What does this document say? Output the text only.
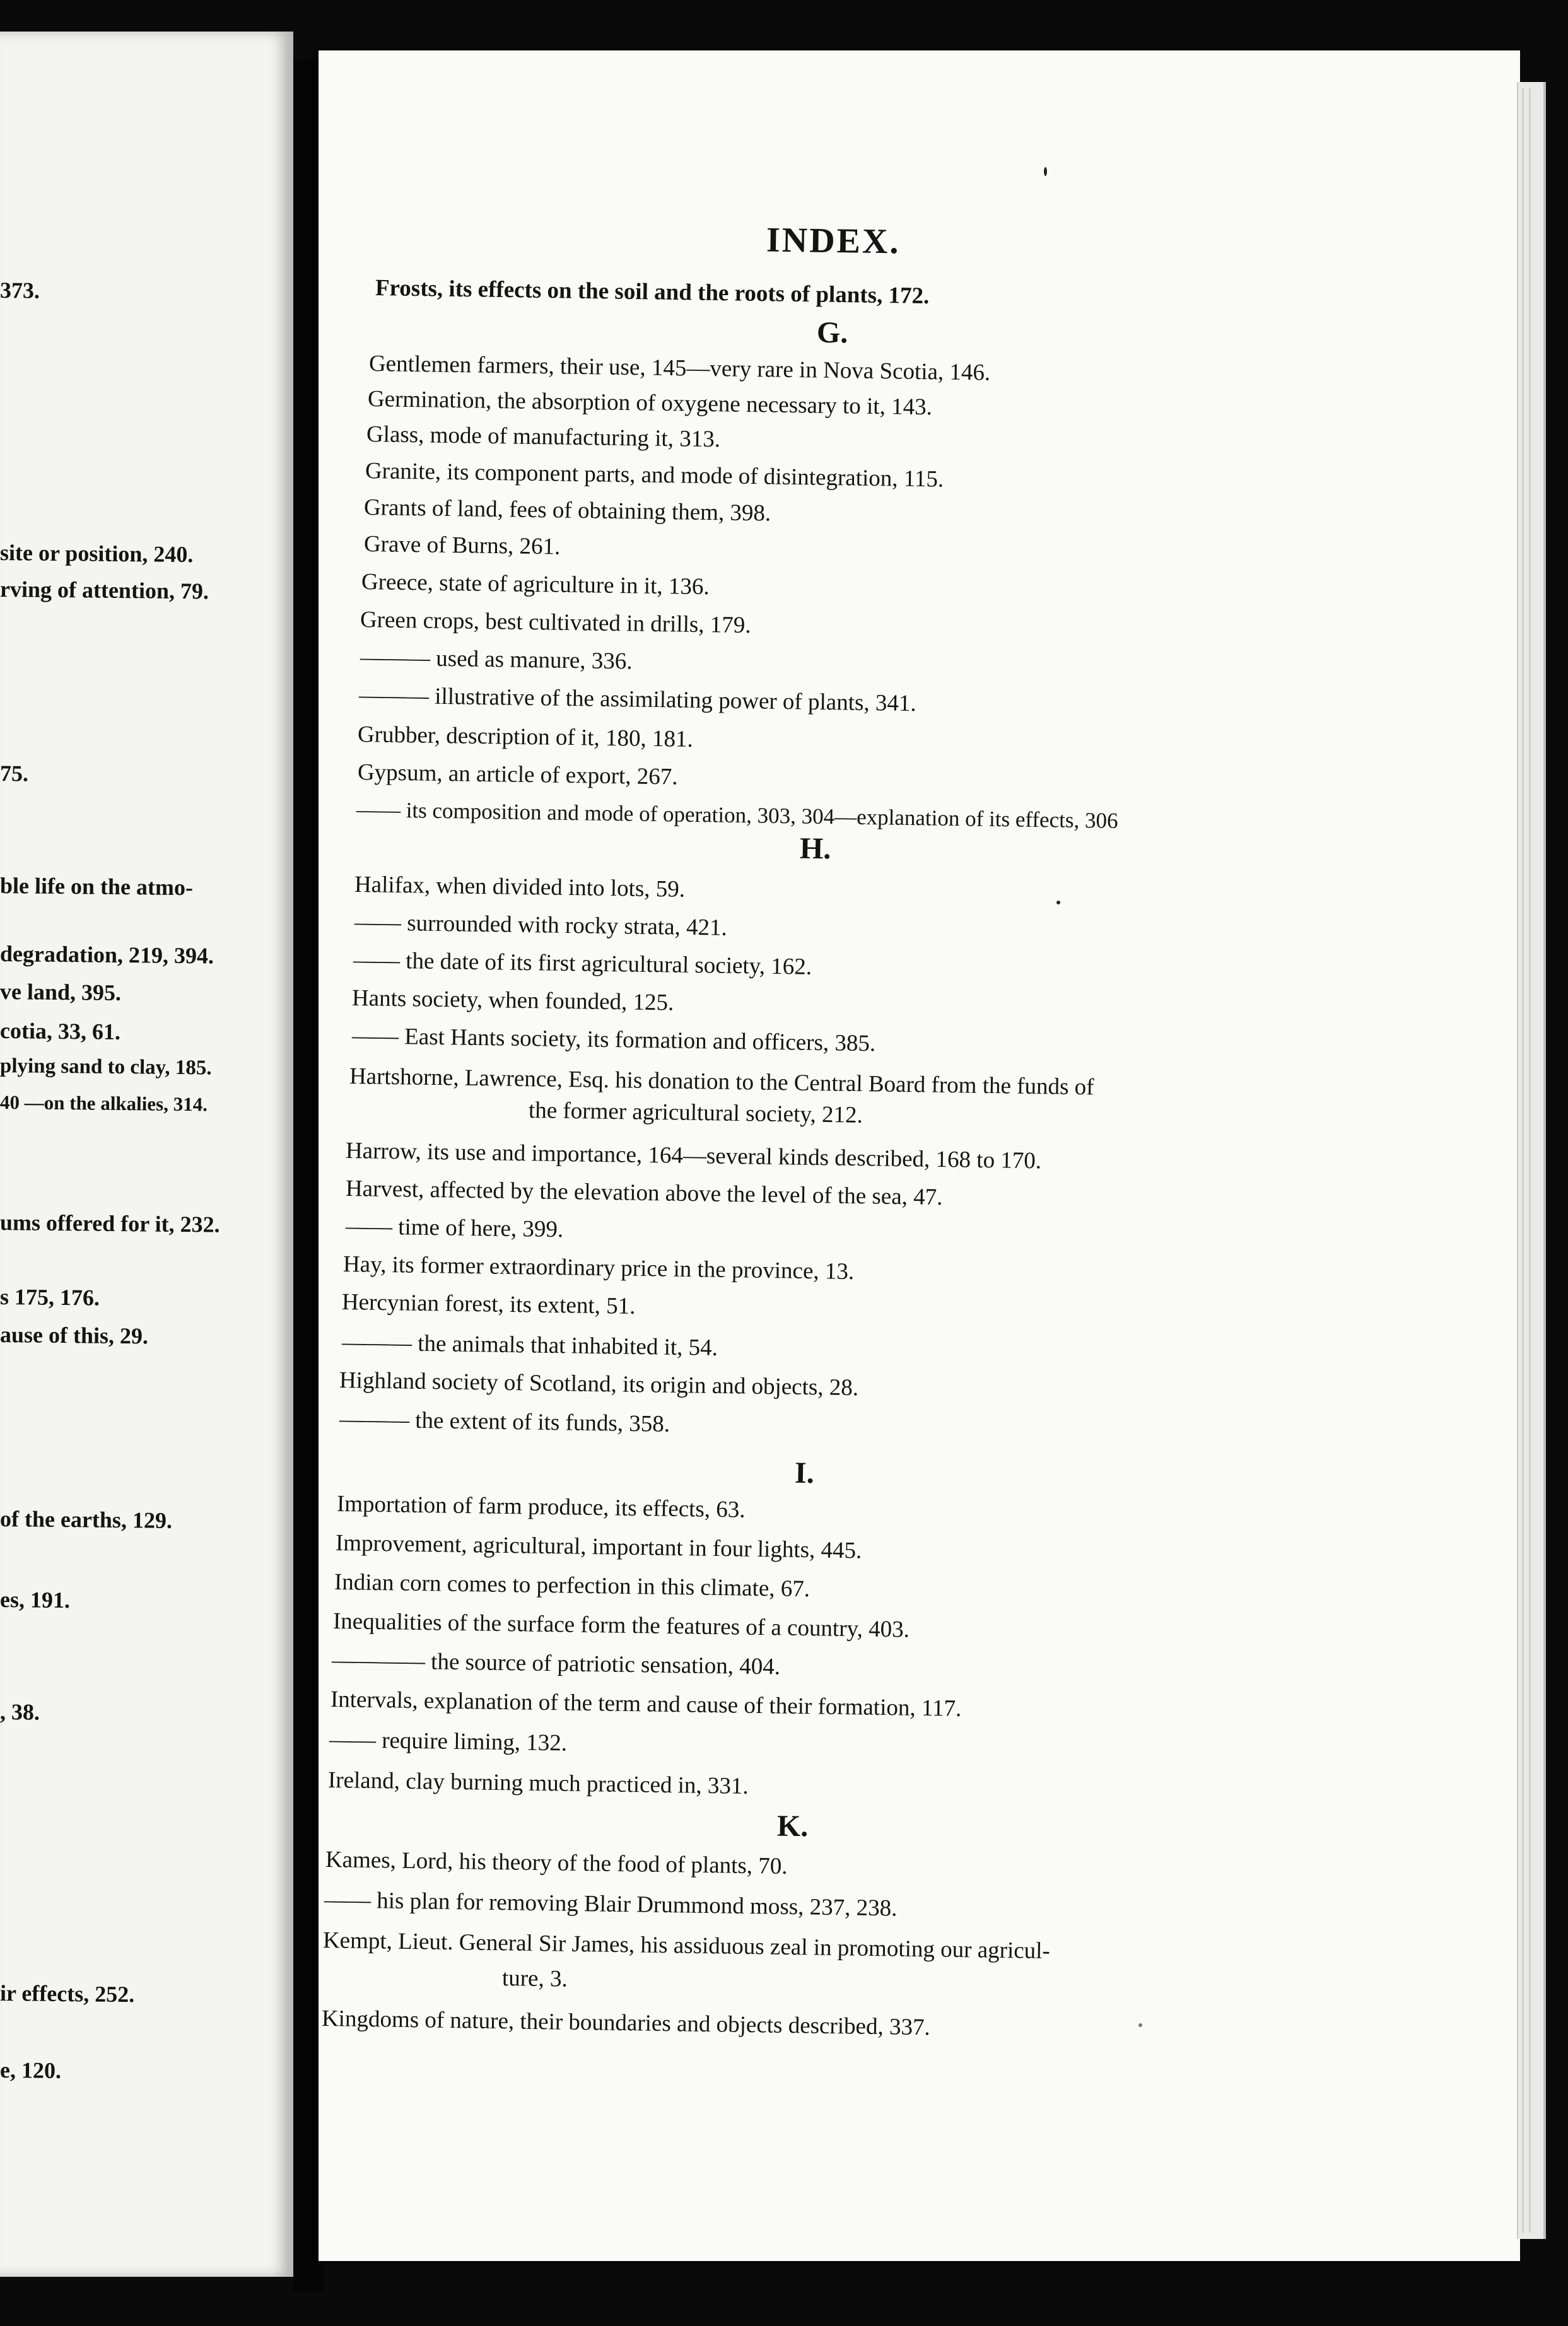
373.
site or position, 240.
rving of attention, 79.
75.
ble life on the atmo-
degradation, 219, 394.
ve land, 395.
cotia, 33, 61.
plying sand to clay, 185.
40 —on the alkalies, 314.
ums offered for it, 232.
s 175, 176.
ause of this, 29.
of the earths, 129.
es, 191.
, 38.
ir effects, 252.
e, 120.
INDEX.
Frosts, its effects on the soil and the roots of plants, 172.
G.
Gentlemen farmers, their use, 145—very rare in Nova Scotia, 146.
Germination, the absorption of oxygene necessary to it, 143.
Glass, mode of manufacturing it, 313.
Granite, its component parts, and mode of disintegration, 115.
Grants of land, fees of obtaining them, 398.
Grave of Burns, 261.
Greece, state of agriculture in it, 136.
Green crops, best cultivated in drills, 179.
——— used as manure, 336.
——— illustrative of the assimilating power of plants, 341.
Grubber, description of it, 180, 181.
Gypsum, an article of export, 267.
—— its composition and mode of operation, 303, 304—explanation of its effects, 306
H.
Halifax, when divided into lots, 59.
—— surrounded with rocky strata, 421.
—— the date of its first agricultural society, 162.
Hants society, when founded, 125.
—— East Hants society, its formation and officers, 385.
Hartshorne, Lawrence, Esq. his donation to the Central Board from the funds of
the former agricultural society, 212.
Harrow, its use and importance, 164—several kinds described, 168 to 170.
Harvest, affected by the elevation above the level of the sea, 47.
—— time of here, 399.
Hay, its former extraordinary price in the province, 13.
Hercynian forest, its extent, 51.
——— the animals that inhabited it, 54.
Highland society of Scotland, its origin and objects, 28.
——— the extent of its funds, 358.
I.
Importation of farm produce, its effects, 63.
Improvement, agricultural, important in four lights, 445.
Indian corn comes to perfection in this climate, 67.
Inequalities of the surface form the features of a country, 403.
———— the source of patriotic sensation, 404.
Intervals, explanation of the term and cause of their formation, 117.
—— require liming, 132.
Ireland, clay burning much practiced in, 331.
K.
Kames, Lord, his theory of the food of plants, 70.
—— his plan for removing Blair Drummond moss, 237, 238.
Kempt, Lieut. General Sir James, his assiduous zeal in promoting our agricul-
ture, 3.
Kingdoms of nature, their boundaries and objects described, 337.
